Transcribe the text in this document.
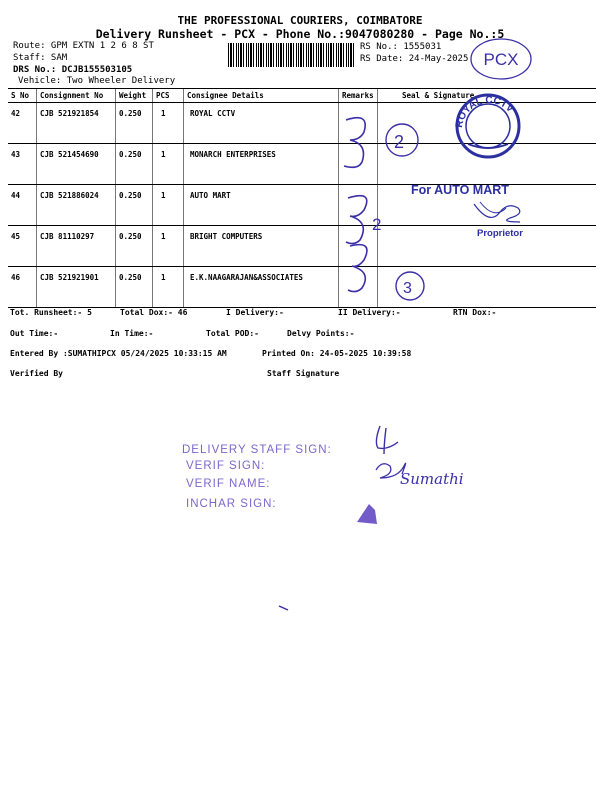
THE PROFESSIONAL COURIERS, COIMBATORE
Delivery Runsheet - PCX - Phone No.:9047080280 - Page No.:5
Route: GPM EXTN 1 2 6 8 ST
Staff: SAM
DRS No.: DCJB155503105
Vehicle: Two Wheeler Delivery
RS No.: 1555031
RS Date: 24-May-2025 PCX
S No	Consignment No	Weight	PCS	Consignee Details	Remarks	Seal & Signature
42	CJB 521921854	0.250	1	ROYAL CCTV		
43	CJB 521454690	0.250	1	MONARCH ENTERPRISES		
44	CJB 521886024	0.250	1	AUTO MART		
45	CJB 81110297	0.250	1	BRIGHT COMPUTERS		
46	CJB 521921901	0.250	1	E.K.NAAGARAJAN&ASSOCIATES		
ROYAL CCTV
2
2
3
For AUTO MART
Proprietor
Tot. Runsheet:- 5	Total Dox:- 46	I Delivery:-	II Delivery:-	RTN Dox:-
Out Time:-	In Time:-	Total POD:-	Delvy Points:-
Entered By :SUMATHIPCX 05/24/2025 10:33:15 AM	Printed On: 24-05-2025 10:39:58
Verified By	Staff Signature
DELIVERY STAFF SIGN:
VERIF SIGN:
VERIF NAME:
INCHAR SIGN:
Sumathi
